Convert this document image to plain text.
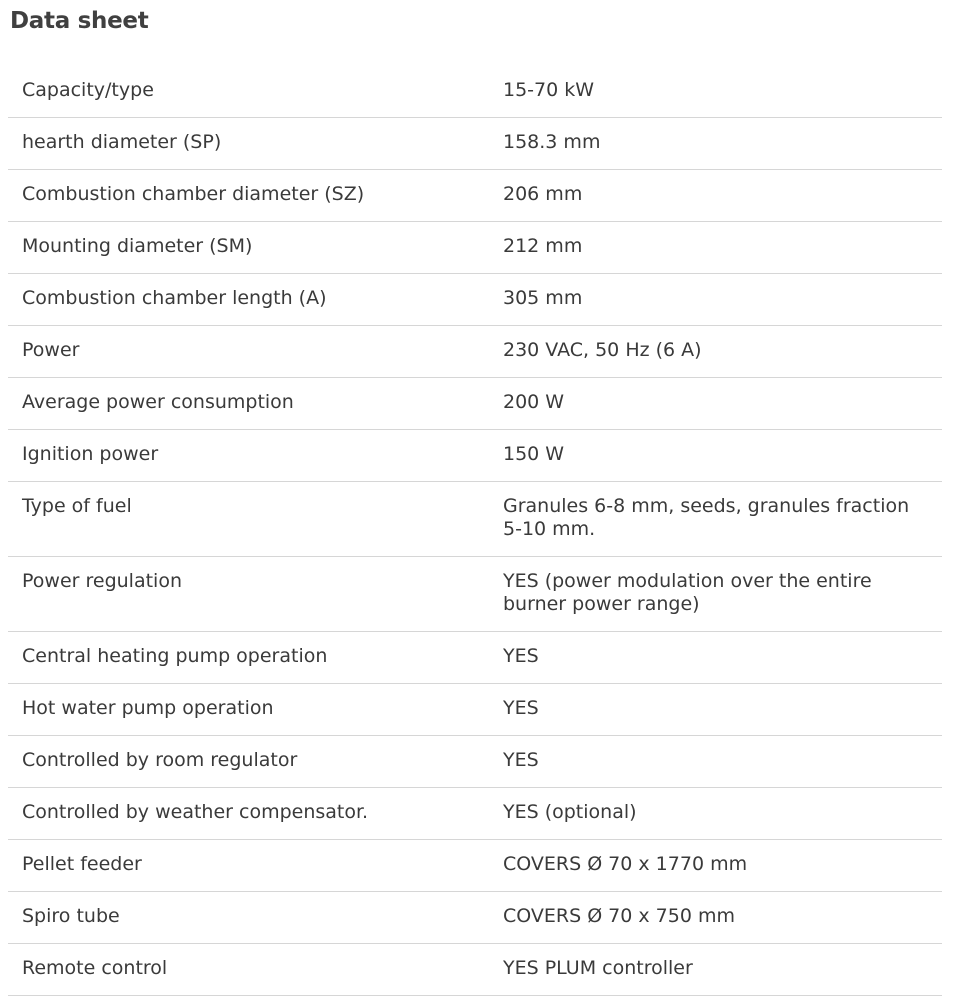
Data sheet
Capacity/type	15-70 kW
hearth diameter (SP)	158.3 mm
Combustion chamber diameter (SZ)	206 mm
Mounting diameter (SM)	212 mm
Combustion chamber length (A)	305 mm
Power	230 VAC, 50 Hz (6 A)
Average power consumption	200 W
Ignition power	150 W
Type of fuel	Granules 6-8 mm, seeds, granules fraction 5-10 mm.
Power regulation	YES (power modulation over the entire burner power range)
Central heating pump operation	YES
Hot water pump operation	YES
Controlled by room regulator	YES
Controlled by weather compensator.	YES (optional)
Pellet feeder	COVERS Ø 70 x 1770 mm
Spiro tube	COVERS Ø 70 x 750 mm
Remote control	YES PLUM controller
